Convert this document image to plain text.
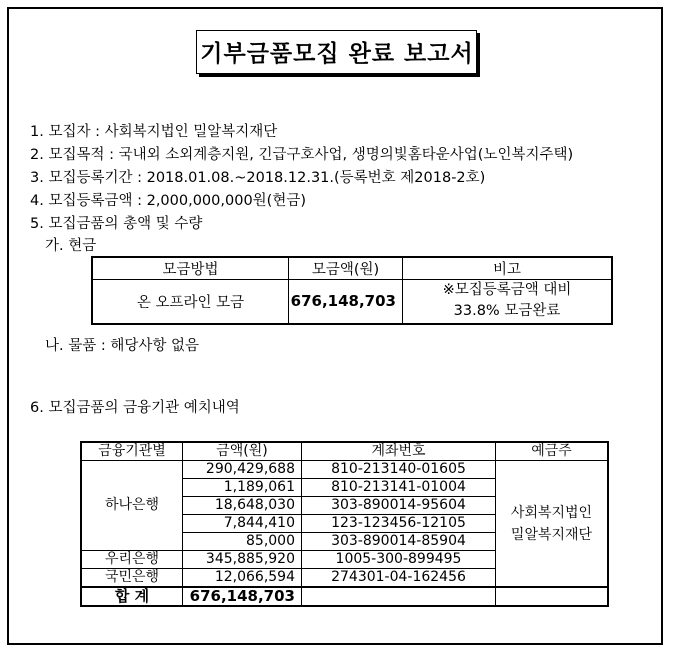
기부금품모집 완료 보고서
1. 모집자 : 사회복지법인 밀알복지재단
2. 모집목적 : 국내외 소외계층지원, 긴급구호사업, 생명의빛홈타운사업(노인복지주택)
3. 모집등록기간 : 2018.01.08.~2018.12.31.(등록번호 제2018-2호)
4. 모집등록금액 : 2,000,000,000원(현금)
5. 모집금품의 총액 및 수량
가. 현금
모금방법	모금액(원)	비고
온 오프라인 모금	676,148,703	※모집등록금액 대비
33.8% 모금완료
나. 물품 : 해당사항 없음
6. 모집금품의 금융기관 예치내역
금융기관별	금액(원)	계좌번호	예금주
하나은행	290,429,688	810-213140-01605	사회복지법인
밀알복지재단

	1,189,061	810-213141-01004	
	18,648,030	303-890014-95604	
	7,844,410	123-123456-12105	
	85,000	303-890014-85904	
우리은행	345,885,920	1005-300-899495	
국민은행	12,066,594	274301-04-162456	
합 계	676,148,703		
